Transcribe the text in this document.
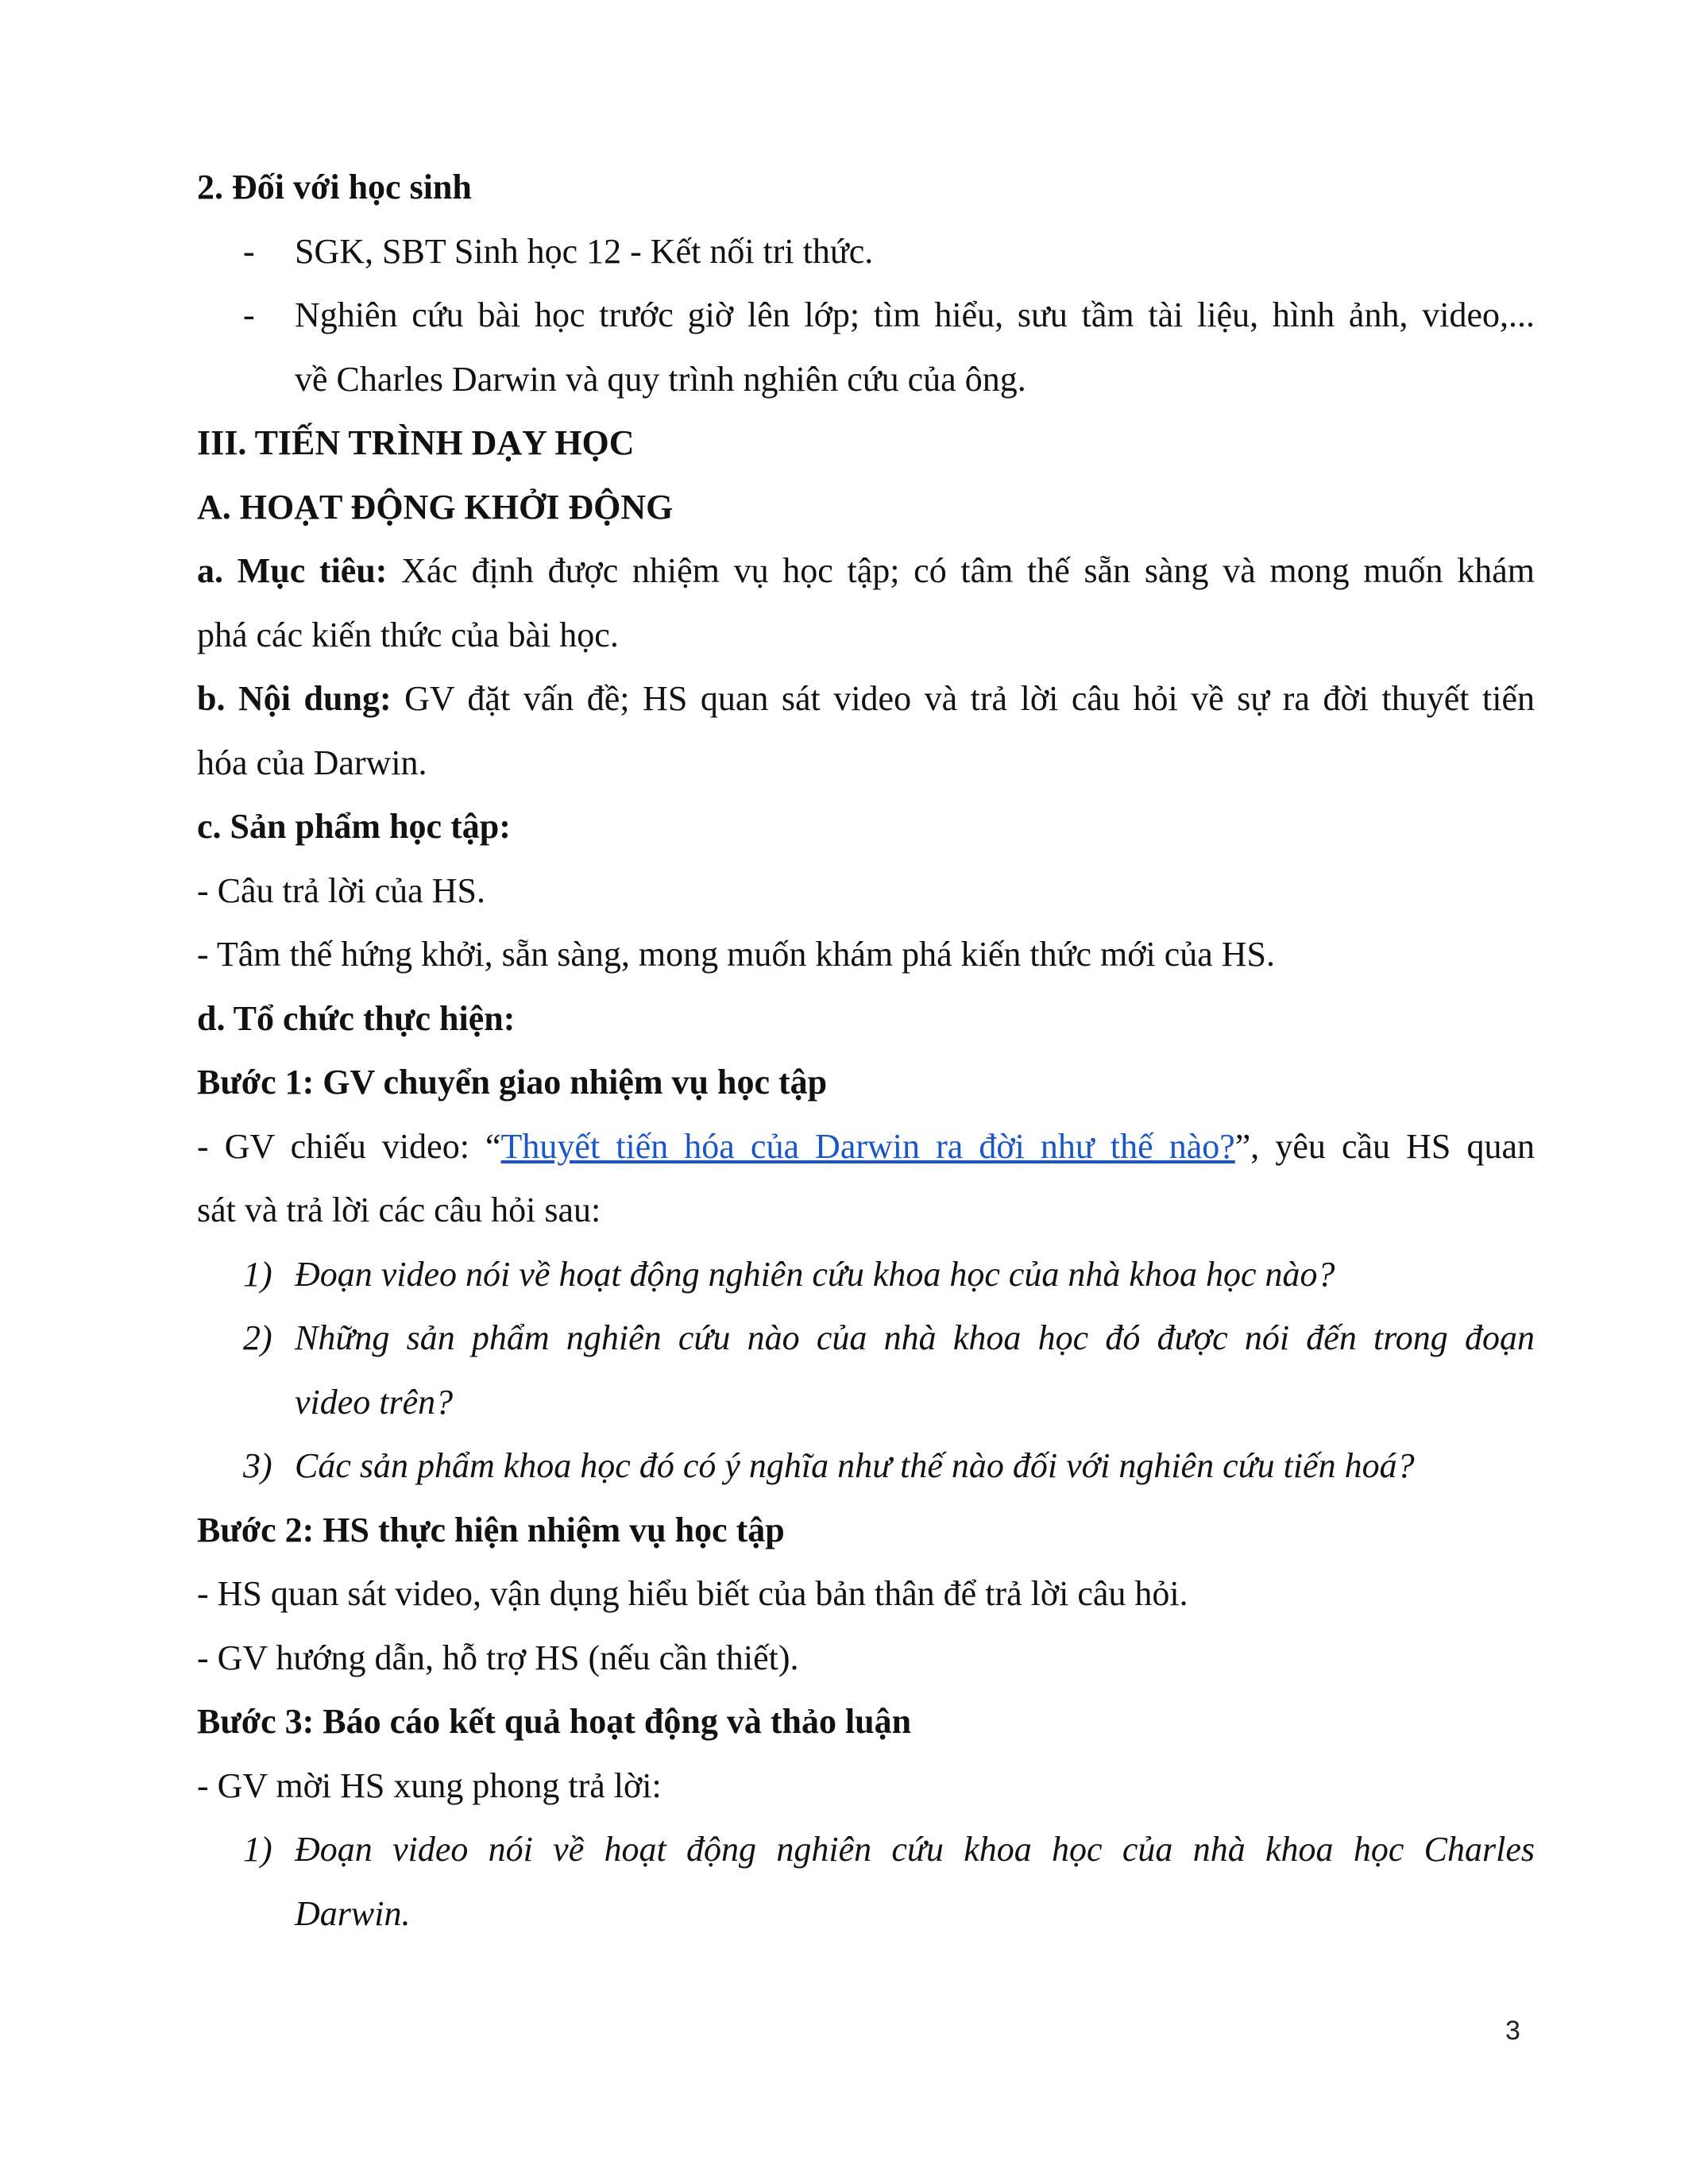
2. Đối với học sinh
- SGK, SBT Sinh học 12 - Kết nối tri thức.
- Nghiên cứu bài học trước giờ lên lớp; tìm hiểu, sưu tầm tài liệu, hình ảnh, video,...
về Charles Darwin và quy trình nghiên cứu của ông.
III. TIẾN TRÌNH DẠY HỌC
A. HOẠT ĐỘNG KHỞI ĐỘNG
a. Mục tiêu: Xác định được nhiệm vụ học tập; có tâm thế sẵn sàng và mong muốn khám
phá các kiến thức của bài học.
b. Nội dung: GV đặt vấn đề; HS quan sát video và trả lời câu hỏi về sự ra đời thuyết tiến
hóa của Darwin.
c. Sản phẩm học tập:
- Câu trả lời của HS.
- Tâm thế hứng khởi, sẵn sàng, mong muốn khám phá kiến thức mới của HS.
d. Tổ chức thực hiện:
Bước 1: GV chuyển giao nhiệm vụ học tập
- GV chiếu video: “Thuyết tiến hóa của Darwin ra đời như thế nào?”, yêu cầu HS quan
sát và trả lời các câu hỏi sau:
1) Đoạn video nói về hoạt động nghiên cứu khoa học của nhà khoa học nào?
2) Những sản phẩm nghiên cứu nào của nhà khoa học đó được nói đến trong đoạn
video trên?
3) Các sản phẩm khoa học đó có ý nghĩa như thế nào đối với nghiên cứu tiến hoá?
Bước 2: HS thực hiện nhiệm vụ học tập
- HS quan sát video, vận dụng hiểu biết của bản thân để trả lời câu hỏi.
- GV hướng dẫn, hỗ trợ HS (nếu cần thiết).
Bước 3: Báo cáo kết quả hoạt động và thảo luận
- GV mời HS xung phong trả lời:
1) Đoạn video nói về hoạt động nghiên cứu khoa học của nhà khoa học Charles
Darwin.
3
